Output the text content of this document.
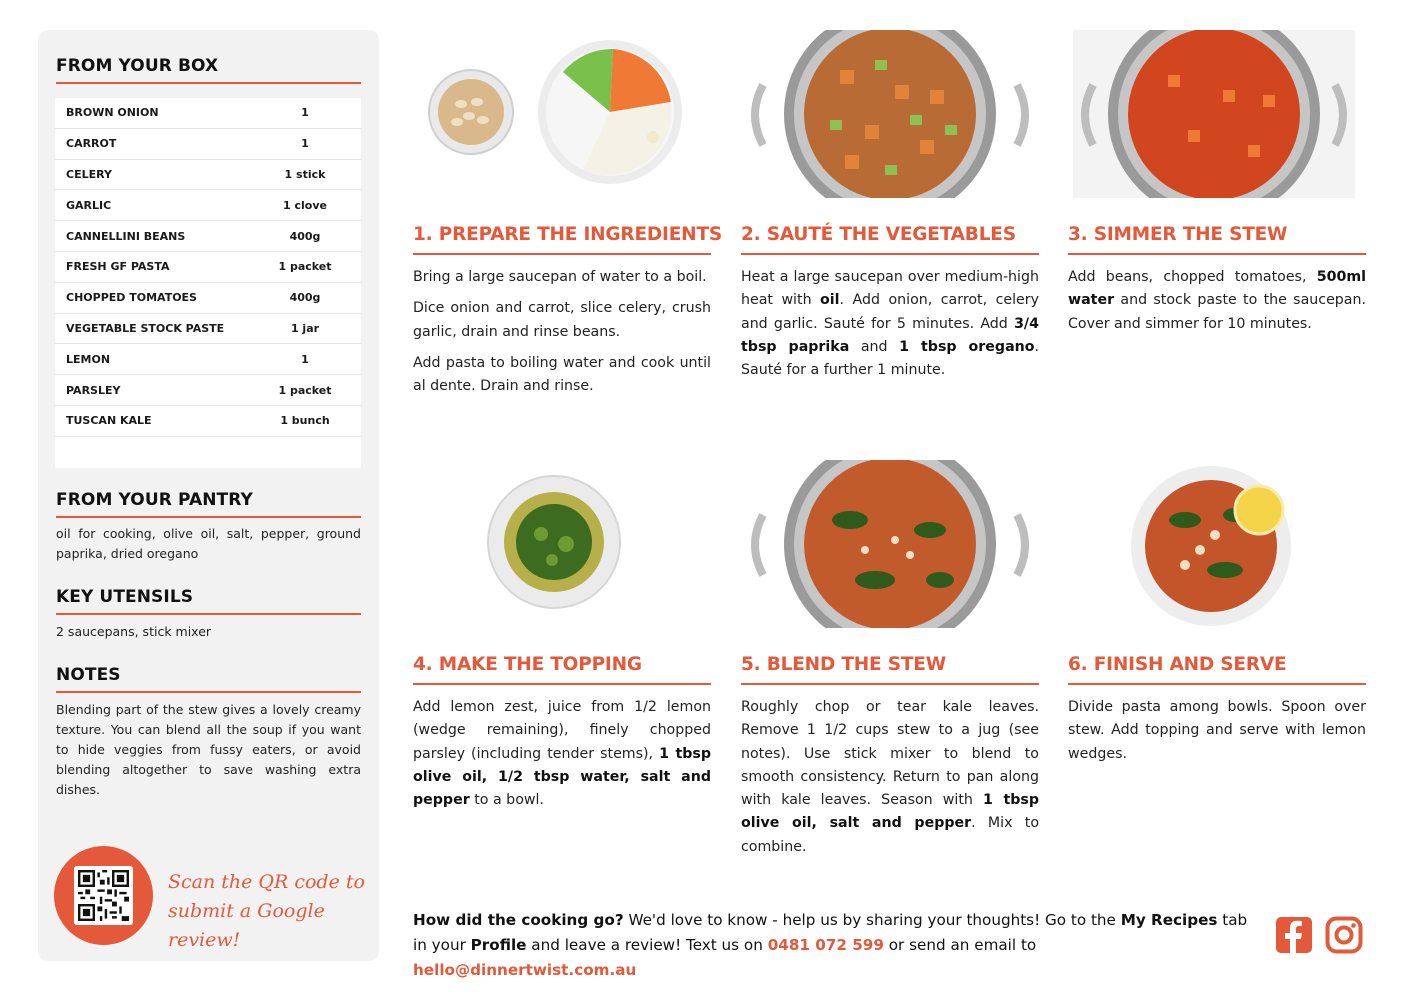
FROM YOUR BOX
BROWN ONION	1
CARROT	1
CELERY	1 stick
GARLIC	1 clove
CANNELLINI BEANS	400g
FRESH GF PASTA	1 packet
CHOPPED TOMATOES	400g
VEGETABLE STOCK PASTE	1 jar
LEMON	1
PARSLEY	1 packet
TUSCAN KALE	1 bunch
FROM YOUR PANTRY
oil for cooking, olive oil, salt, pepper, ground paprika, dried oregano
KEY UTENSILS
2 saucepans, stick mixer
NOTES
Blending part of the stew gives a lovely creamy texture. You can blend all the soup if you want to hide veggies from fussy eaters, or avoid blending altogether to save washing extra dishes.
Scan the QR code to
submit a Google review!
1. PREPARE THE INGREDIENTS

Bring a large saucepan of water to a boil.

Dice onion and carrot, slice celery, crush garlic, drain and rinse beans.

Add pasta to boiling water and cook until al dente. Drain and rinse.

2. SAUTÉ THE VEGETABLES

Heat a large saucepan over medium-high heat with oil. Add onion, carrot, celery and garlic. Sauté for 5 minutes. Add 3/4 tbsp paprika and 1 tbsp oregano. Sauté for a further 1 minute.

3. SIMMER THE STEW

Add beans, chopped tomatoes, 500ml water and stock paste to the saucepan. Cover and simmer for 10 minutes.

4. MAKE THE TOPPING

Add lemon zest, juice from 1/2 lemon (wedge remaining), finely chopped parsley (including tender stems), 1 tbsp olive oil, 1/2 tbsp water, salt and pepper to a bowl.

5. BLEND THE STEW

Roughly chop or tear kale leaves. Remove 1 1/2 cups stew to a jug (see notes). Use stick mixer to blend to smooth consistency. Return to pan along with kale leaves. Season with 1 tbsp olive oil, salt and pepper. Mix to combine.

6. FINISH AND SERVE

Divide pasta among bowls. Spoon over stew. Add topping and serve with lemon wedges.

How did the cooking go? We'd love to know - help us by sharing your thoughts! Go to the My Recipes tab in your Profile and leave a review! Text us on 0481 072 599 or send an email to hello@dinnertwist.com.au
